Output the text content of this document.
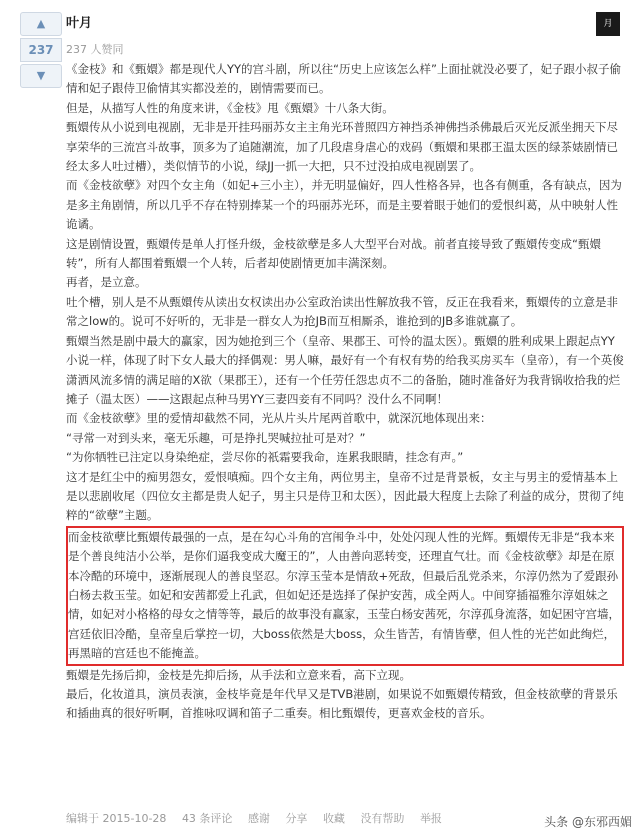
▲
237
▼
叶月
237 人赞同
月

《金枝》和《甄嬛》都是现代人YY的宫斗剧，所以往“历史上应该怎么样”上面扯就没必要了，妃子跟小叔子偷情和妃子跟侍卫偷情其实都没差的，剧情需要而已。

但是，从描写人性的角度来讲，《金枝》甩《甄嬛》十八条大街。

甄嬛传从小说到电视剧，无非是开挂玛丽苏女主主角光环普照四方神挡杀神佛挡杀佛最后灭光反派坐拥天下尽享荣华的三流宫斗故事，顶多为了追随潮流，加了几段虐身虐心的戏码（甄嬛和果郡王温太医的绿茶婊剧情已经太多人吐过槽），类似情节的小说，绿JJ一抓一大把，只不过没拍成电视剧罢了。

而《金枝欲孽》对四个女主角（如妃+三小主），并无明显偏好，四人性格各异，也各有侧重，各有缺点，因为是多主角剧情，所以几乎不存在特别捧某一个的玛丽苏光环，而是主要着眼于她们的爱恨纠葛，从中映射人性诡谲。

这是剧情设置，甄嬛传是单人打怪升级，金枝欲孽是多人大型平台对战。前者直接导致了甄嬛传变成“甄嬛转”，所有人都围着甄嬛一个人转，后者却使剧情更加丰满深刻。

再者，是立意。

吐个槽，别人是不从甄嬛传从读出女权读出办公室政治读出性解放我不管，反正在我看来，甄嬛传的立意是非常之low的。说可不好听的，无非是一群女人为抢JB而互相厮杀，谁抢到的JB多谁就赢了。

甄嬛当然是剧中最大的赢家，因为她抢到三个（皇帝、果郡王、可怜的温太医）。甄嬛的胜利成果上跟起点YY小说一样，体现了时下女人最大的择偶观：男人嘛，最好有一个有权有势的给我买房买车（皇帝），有一个英俊潇洒风流多情的满足暗的X欲（果郡王），还有一个任劳任怨忠贞不二的备胎，随时准备好为我背锅收拾我的烂摊子（温太医）——这跟起点种马男YY三妻四妾有不同吗？没什么不同啊！

而《金枝欲孽》里的爱情却截然不同，光从片头片尾两首歌中，就深沉地体现出来：

“寻常一对到头来，毫无乐趣，可是挣扎哭喊拉扯可是对？”

“为你牺牲已注定以身染绝症，尝尽你的祇霜要我命，连累我眼睛，挂念有声。”

这才是红尘中的痴男怨女，爱恨嗔痴。四个女主角，两位男主，皇帝不过是背景板，女主与男主的爱情基本上是以悲剧收尾（四位女主都是贵人妃子，男主只是侍卫和太医），因此最大程度上去除了利益的成分，贯彻了纯粹的“欲孽”主题。

而金枝欲孽比甄嬛传最强的一点，是在勾心斗角的宫闱争斗中，处处闪现人性的光辉。甄嬛传无非是“我本来是个善良纯洁小公举，是你们逼我变成大魔王的”，人由善向恶转变，还理直气壮。而《金枝欲孽》却是在原本冷酷的环境中，逐渐展现人的善良坚忍。尔淳玉莹本是情敌+死敌，但最后乱党杀来，尔淳仍然为了爱跟孙白杨去救玉莹。如妃和安茜都爱上孔武，但如妃还是选择了保护安茜，成全两人。中间穿插福雅尔淳姐妹之情，如妃对小格格的母女之情等等，最后的故事没有赢家，玉莹白杨安茜死，尔淳孤身流落，如妃困守宫墙，宫廷依旧冷酷，皇帝皇后掌控一切，大boss依然是大boss，众生皆苦，有情皆孽，但人性的光芒如此绚烂，再黑暗的宫廷也不能掩盖。

甄嬛是先扬后抑，金枝是先抑后扬，从手法和立意来看，高下立现。

最后，化妆道具，演员表演，金枝毕竟是年代早又是TVB港剧，如果说不如甄嬛传精致，但金枝欲孽的背景乐和插曲真的很好听啊，首推咏叹调和笛子二重奏。相比甄嬛传，更喜欢金枝的音乐。

编辑于 2015-10-28 43 条评论 感谢 分享 收藏 没有帮助 举报	头条 @东邪西媚
